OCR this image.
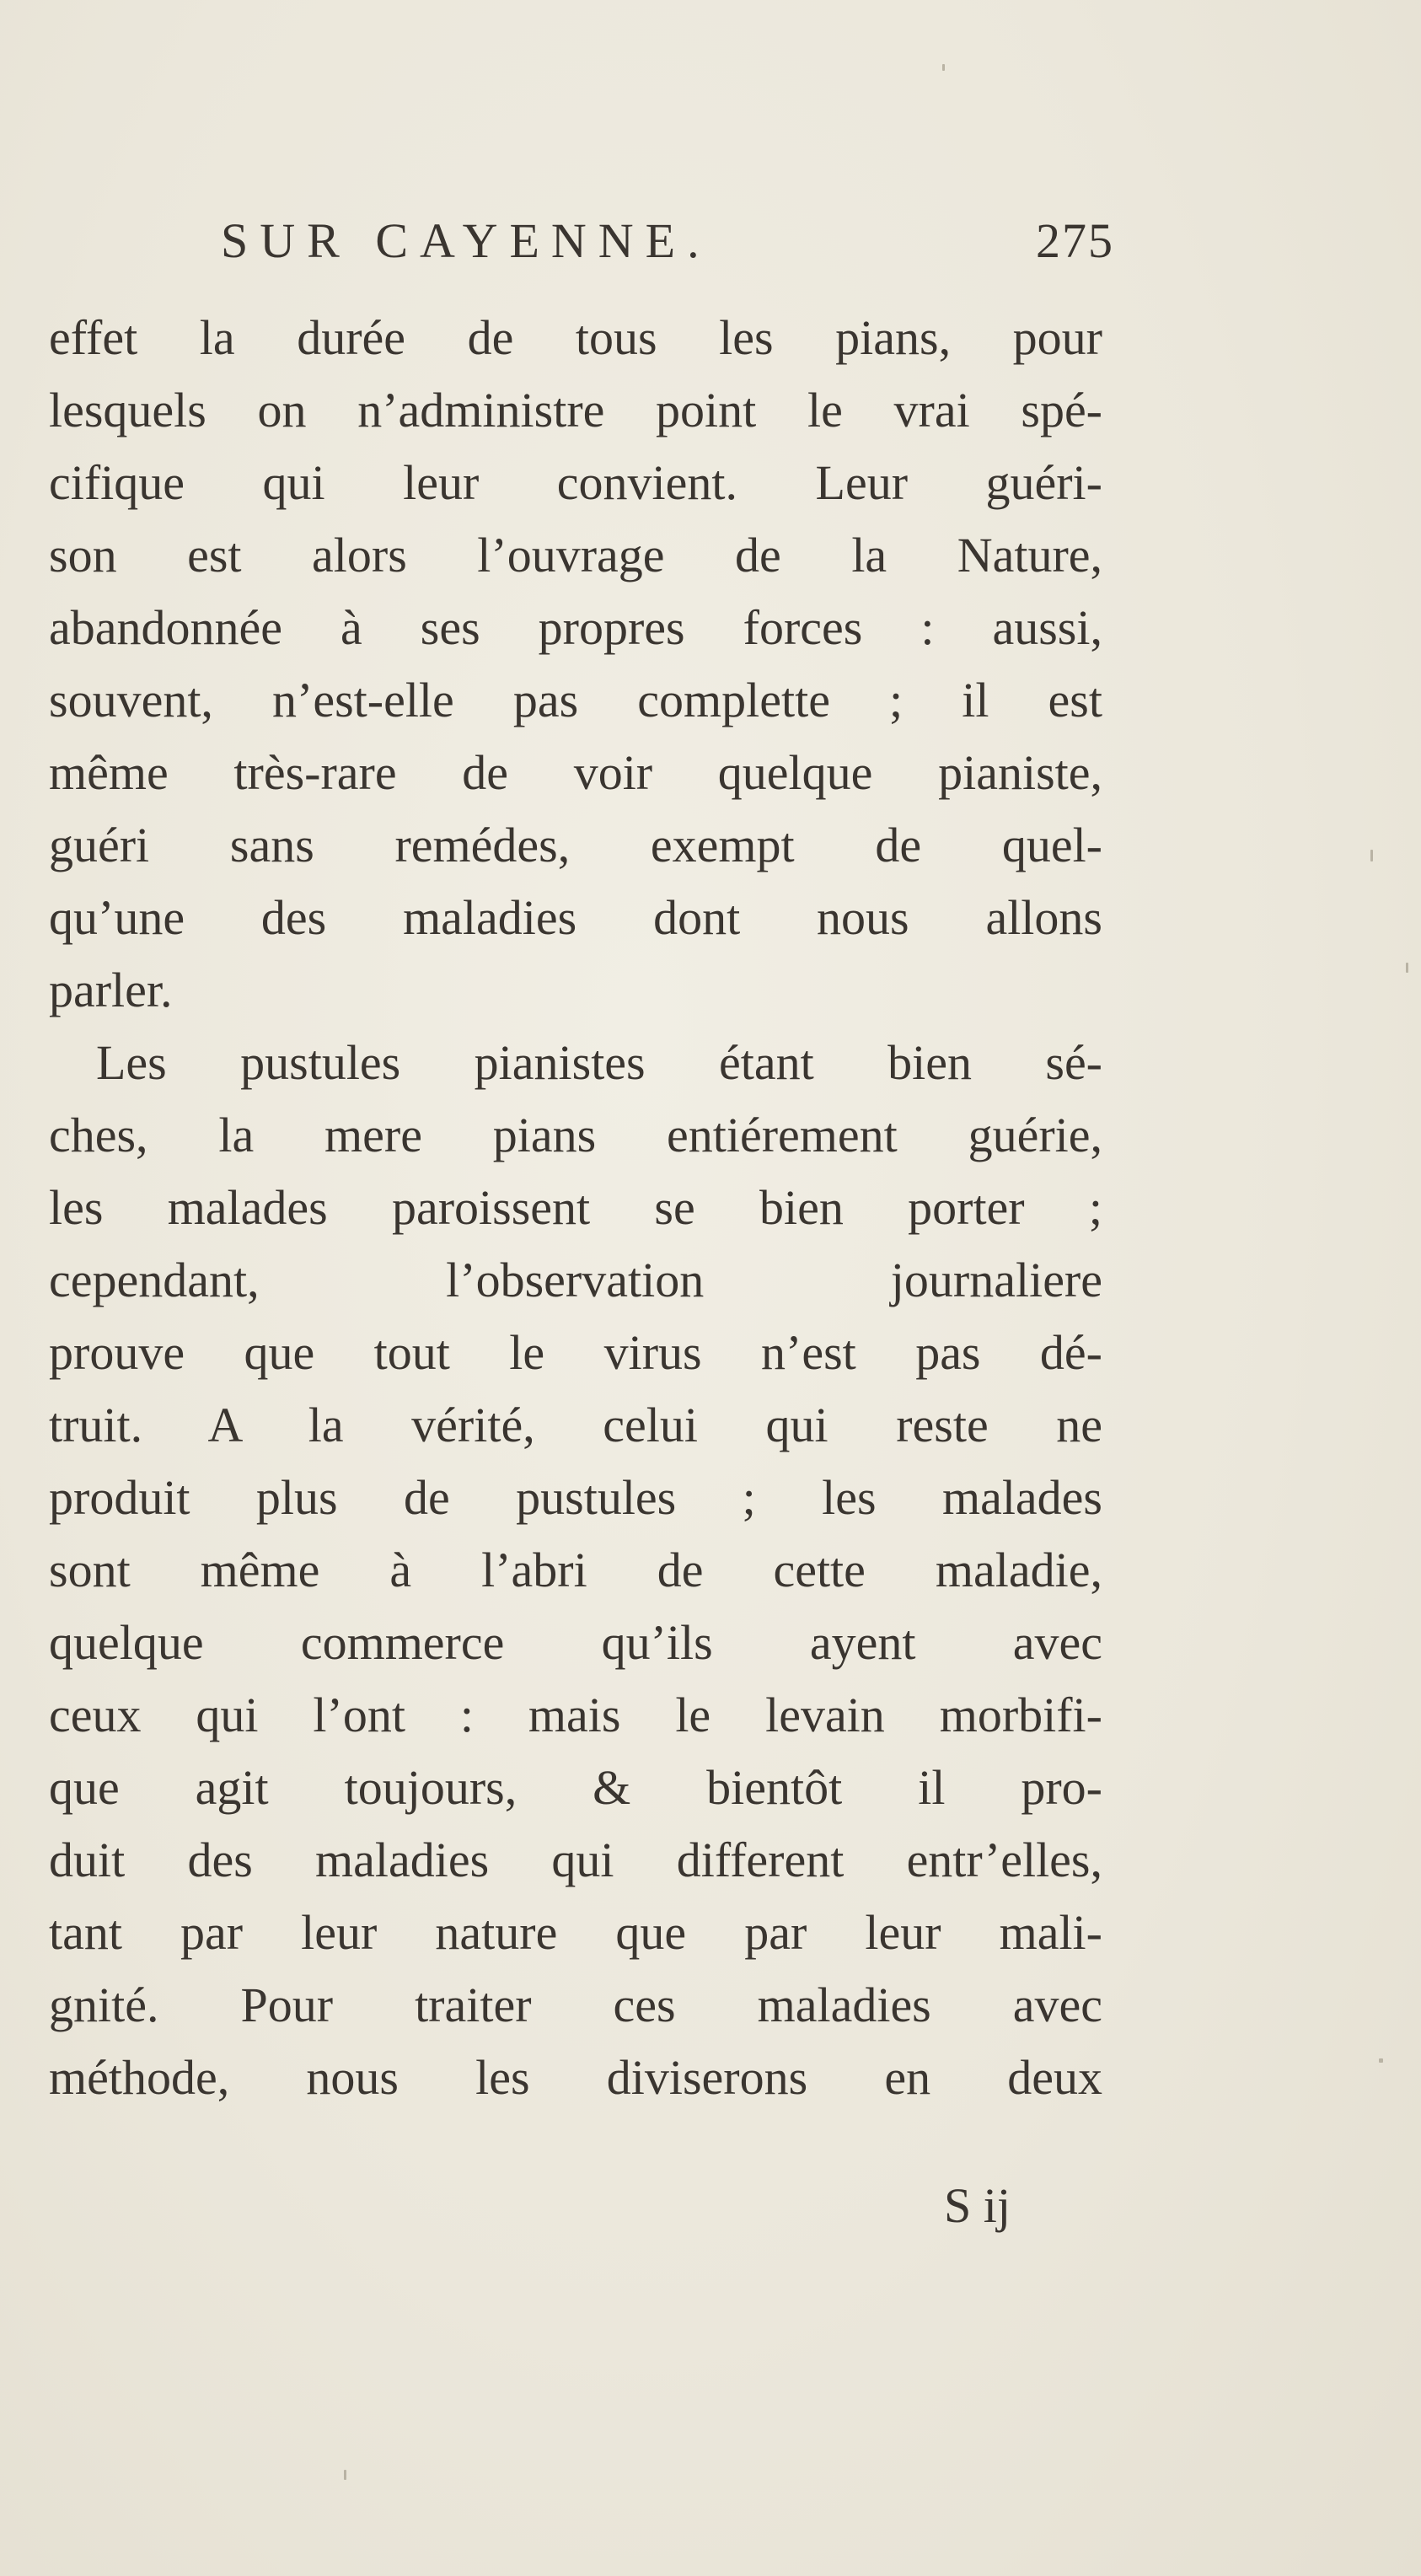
SUR CAYENNE.	275
effet la durée de tous les pians, pour
lesquels on n’administre point le vrai spé-
cifique qui leur convient. Leur guéri-
son est alors l’ouvrage de la Nature,
abandonnée à ses propres forces : aussi,
souvent, n’est-elle pas complette ; il est
même très-rare de voir quelque pianiste,
guéri sans remédes, exempt de quel-
qu’une des maladies dont nous allons
parler.
Les pustules pianistes étant bien sé-
ches, la mere pians entiérement guérie,
les malades paroissent se bien porter ;
cependant, l’observation journaliere
prouve que tout le virus n’est pas dé-
truit. A la vérité, celui qui reste ne
produit plus de pustules ; les malades
sont même à l’abri de cette maladie,
quelque commerce qu’ils ayent avec
ceux qui l’ont : mais le levain morbifi-
que agit toujours, & bientôt il pro-
duit des maladies qui different entr’elles,
tant par leur nature que par leur mali-
gnité. Pour traiter ces maladies avec
méthode, nous les diviserons en deux
S ij
